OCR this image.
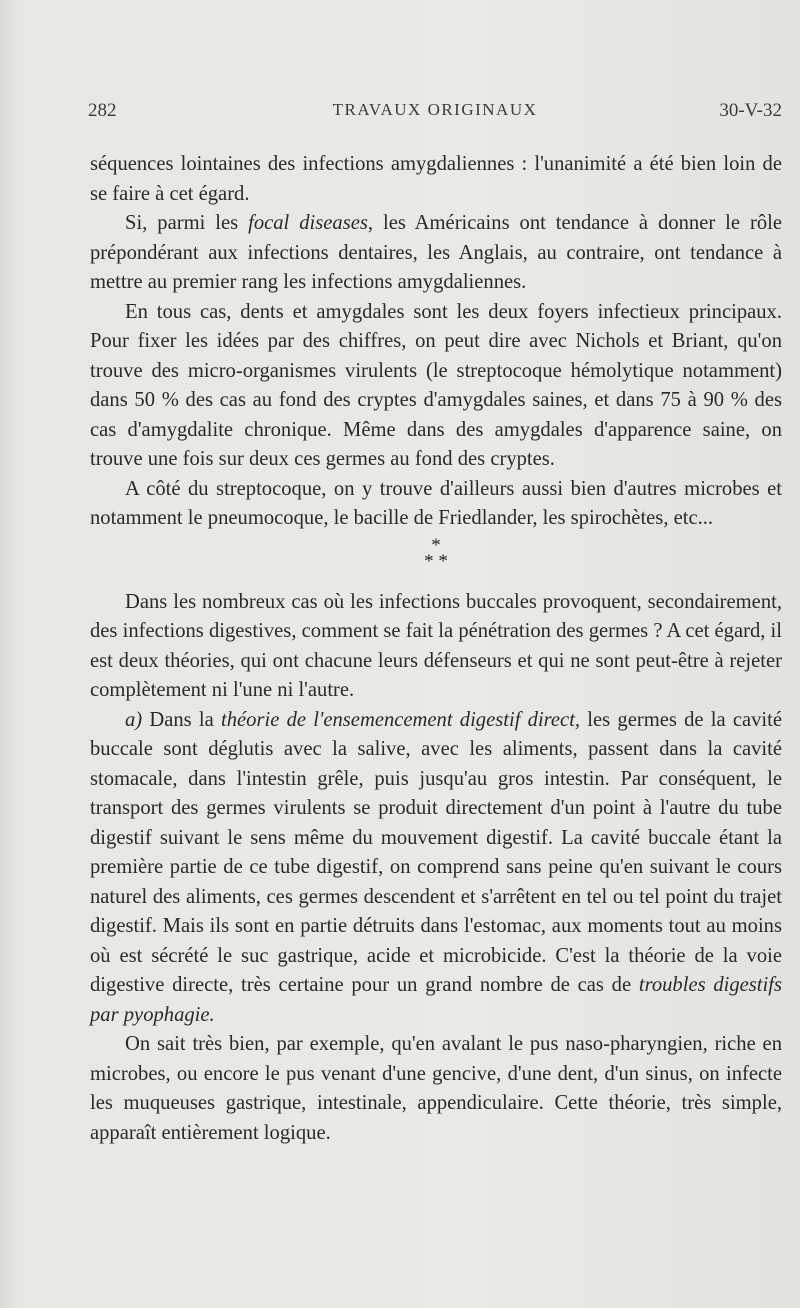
282	TRAVAUX ORIGINAUX	30-V-32

séquences lointaines des infections amygdaliennes : l'unanimité a été bien loin de se faire à cet égard.

Si, parmi les focal diseases, les Américains ont tendance à donner le rôle prépondérant aux infections dentaires, les Anglais, au contraire, ont tendance à mettre au premier rang les infections amygdaliennes.

En tous cas, dents et amygdales sont les deux foyers infectieux principaux. Pour fixer les idées par des chiffres, on peut dire avec Nichols et Briant, qu'on trouve des micro-organismes virulents (le streptocoque hémolytique notamment) dans 50 % des cas au fond des cryptes d'amygdales saines, et dans 75 à 90 % des cas d'amygdalite chronique. Même dans des amygdales d'apparence saine, on trouve une fois sur deux ces germes au fond des cryptes.

A côté du streptocoque, on y trouve d'ailleurs aussi bien d'autres microbes et notamment le pneumocoque, le bacille de Friedlander, les spirochètes, etc...

*
* *

Dans les nombreux cas où les infections buccales provoquent, secondairement, des infections digestives, comment se fait la pénétration des germes ? A cet égard, il est deux théories, qui ont chacune leurs défenseurs et qui ne sont peut-être à rejeter complètement ni l'une ni l'autre.

a) Dans la théorie de l'ensemencement digestif direct, les germes de la cavité buccale sont déglutis avec la salive, avec les aliments, passent dans la cavité stomacale, dans l'intestin grêle, puis jusqu'au gros intestin. Par conséquent, le transport des germes virulents se produit directement d'un point à l'autre du tube digestif suivant le sens même du mouvement digestif. La cavité buccale étant la première partie de ce tube digestif, on comprend sans peine qu'en suivant le cours naturel des aliments, ces germes descendent et s'arrêtent en tel ou tel point du trajet digestif. Mais ils sont en partie détruits dans l'estomac, aux moments tout au moins où est sécrété le suc gastrique, acide et microbicide. C'est la théorie de la voie digestive directe, très certaine pour un grand nombre de cas de troubles digestifs par pyophagie.

On sait très bien, par exemple, qu'en avalant le pus naso-pharyngien, riche en microbes, ou encore le pus venant d'une gencive, d'une dent, d'un sinus, on infecte les muqueuses gastrique, intestinale, appendiculaire. Cette théorie, très simple, apparaît entièrement logique.
